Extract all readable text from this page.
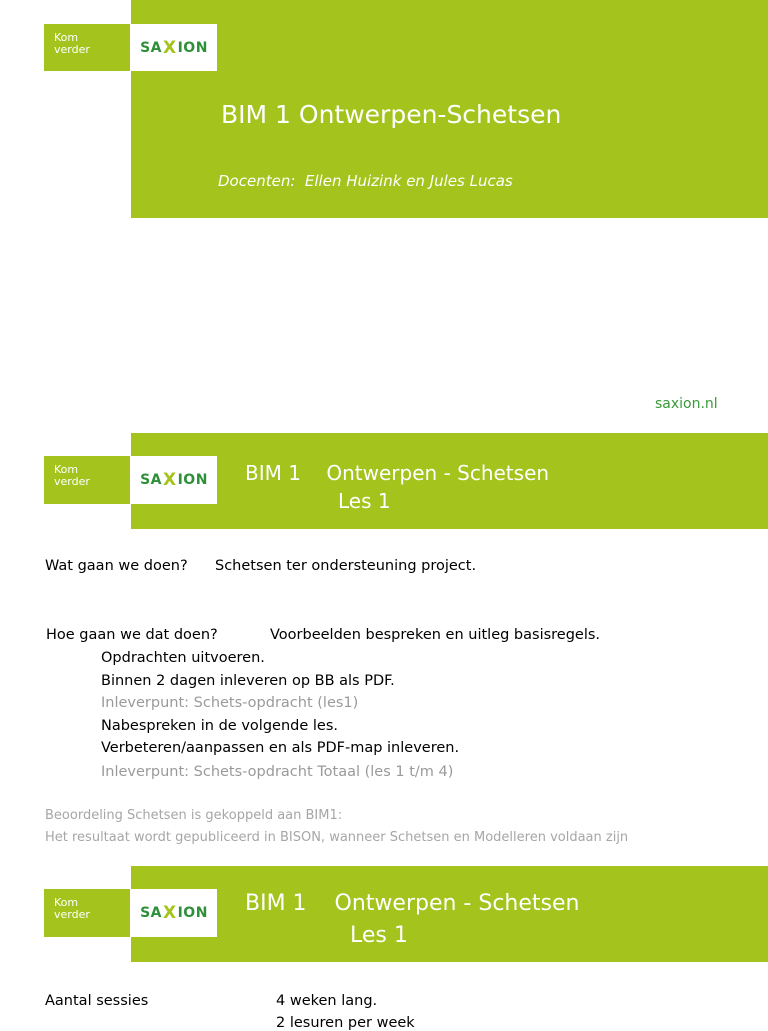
Kom
verder	SA X ION
BIM 1 Ontwerpen-Schetsen
Docenten:  Ellen Huizink en Jules Lucas
saxion.nl
Kom
verder	SA X ION BIM 1    Ontwerpen - Schetsen
Les 1
Wat gaan we doen? Schetsen ter ondersteuning project.
Hoe gaan we dat doen?	Voorbeelden bespreken en uitleg basisregels.
Opdrachten uitvoeren.
Binnen 2 dagen inleveren op BB als PDF.
Inleverpunt: Schets-opdracht (les1)
Nabespreken in de volgende les.
Verbeteren/aanpassen en als PDF-map inleveren.
Inleverpunt: Schets-opdracht Totaal (les 1 t/m 4)
Beoordeling Schetsen is gekoppeld aan BIM1:
Het resultaat wordt gepubliceerd in BISON, wanneer Schetsen en Modelleren voldaan zijn
Kom
verder	SA X ION BIM 1    Ontwerpen - Schetsen
Les 1
Aantal sessies	4 weken lang.
2 lesuren per week
